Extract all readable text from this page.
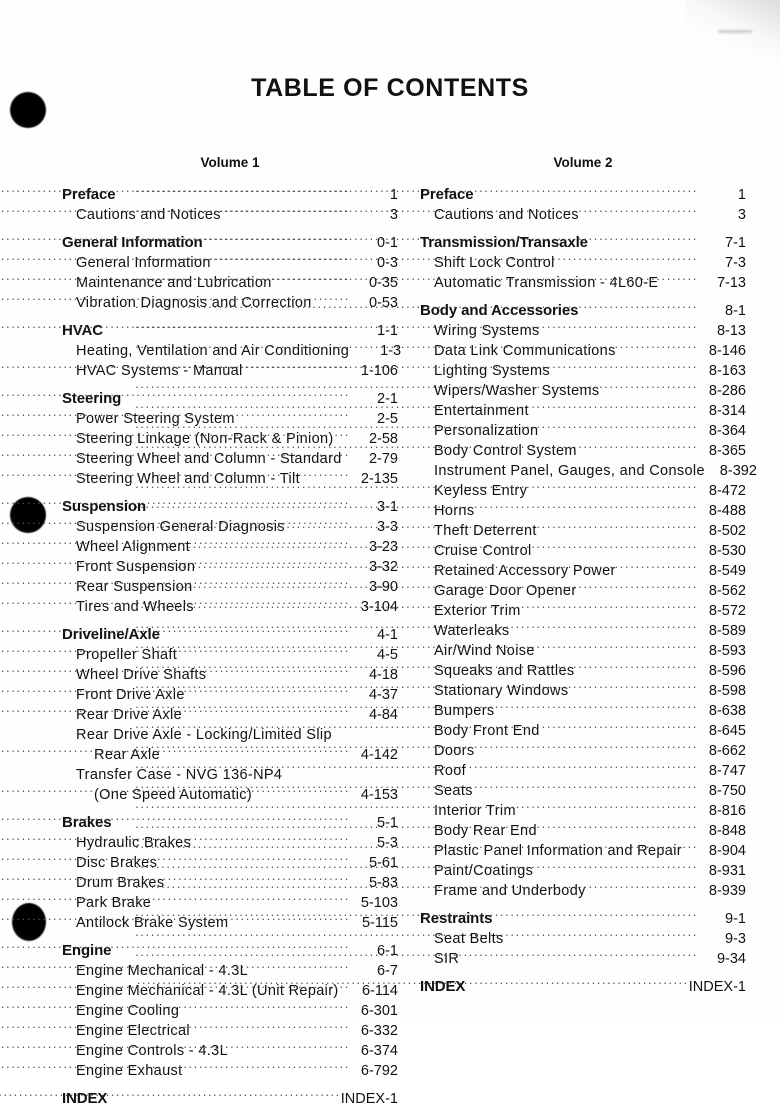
TABLE OF CONTENTS
Volume 1
Preface .....	1
Cautions and Notices .....	3
General Information .....	0-1
General Information .....	0-3
Maintenance and Lubrication .....	0-35
Vibration Diagnosis and Correction .....	0-53
HVAC .....	1-1
Heating, Ventilation and Air Conditioning	1-3
HVAC Systems - Manual .....	1-106
Steering .....	2-1
Power Steering System .....	2-5
Steering Linkage (Non-Rack & Pinion) .....	2-58
Steering Wheel and Column - Standard .....	2-79
Steering Wheel and Column - Tilt .....	2-135
Suspension .....	3-1
Suspension General Diagnosis .....	3-3
Wheel Alignment .....	3-23
Front Suspension .....	3-32
Rear Suspension .....	3-90
Tires and Wheels .....	3-104
Driveline/Axle .....	4-1
Propeller Shaft .....	4-5
Wheel Drive Shafts .....	4-18
Front Drive Axle .....	4-37
Rear Drive Axle .....	4-84
Rear Drive Axle - Locking/Limited Slip
Rear Axle .....	4-142
Transfer Case - NVG 136-NP4
(One Speed Automatic) .....	4-153
Brakes .....	5-1
Hydraulic Brakes .....	5-3
Disc Brakes .....	5-61
Drum Brakes .....	5-83
Park Brake .....	5-103
Antilock Brake System .....	5-115
Engine .....	6-1
Engine Mechanical - 4.3L .....	6-7
Engine Mechanical - 4.3L (Unit Repair) .....	6-114
Engine Cooling .....	6-301
Engine Electrical .....	6-332
Engine Controls - 4.3L .....	6-374
Engine Exhaust .....	6-792
INDEX .....	INDEX-1
Volume 2
Preface .....	1
Cautions and Notices .....	3
Transmission/Transaxle .....	7-1
Shift Lock Control .....	7-3
Automatic Transmission - 4L60-E .....	7-13
Body and Accessories .....	8-1
Wiring Systems .....	8-13
Data Link Communications .....	8-146
Lighting Systems .....	8-163
Wipers/Washer Systems .....	8-286
Entertainment .....	8-314
Personalization .....	8-364
Body Control System .....	8-365
Instrument Panel, Gauges, and Console	8-392
Keyless Entry .....	8-472
Horns .....	8-488
Theft Deterrent .....	8-502
Cruise Control .....	8-530
Retained Accessory Power .....	8-549
Garage Door Opener .....	8-562
Exterior Trim .....	8-572
Waterleaks .....	8-589
Air/Wind Noise .....	8-593
Squeaks and Rattles .....	8-596
Stationary Windows .....	8-598
Bumpers .....	8-638
Body Front End .....	8-645
Doors .....	8-662
Roof .....	8-747
Seats .....	8-750
Interior Trim .....	8-816
Body Rear End .....	8-848
Plastic Panel Information and Repair .....	8-904
Paint/Coatings .....	8-931
Frame and Underbody .....	8-939
Restraints .....	9-1
Seat Belts .....	9-3
SIR .....	9-34
INDEX .....	INDEX-1
